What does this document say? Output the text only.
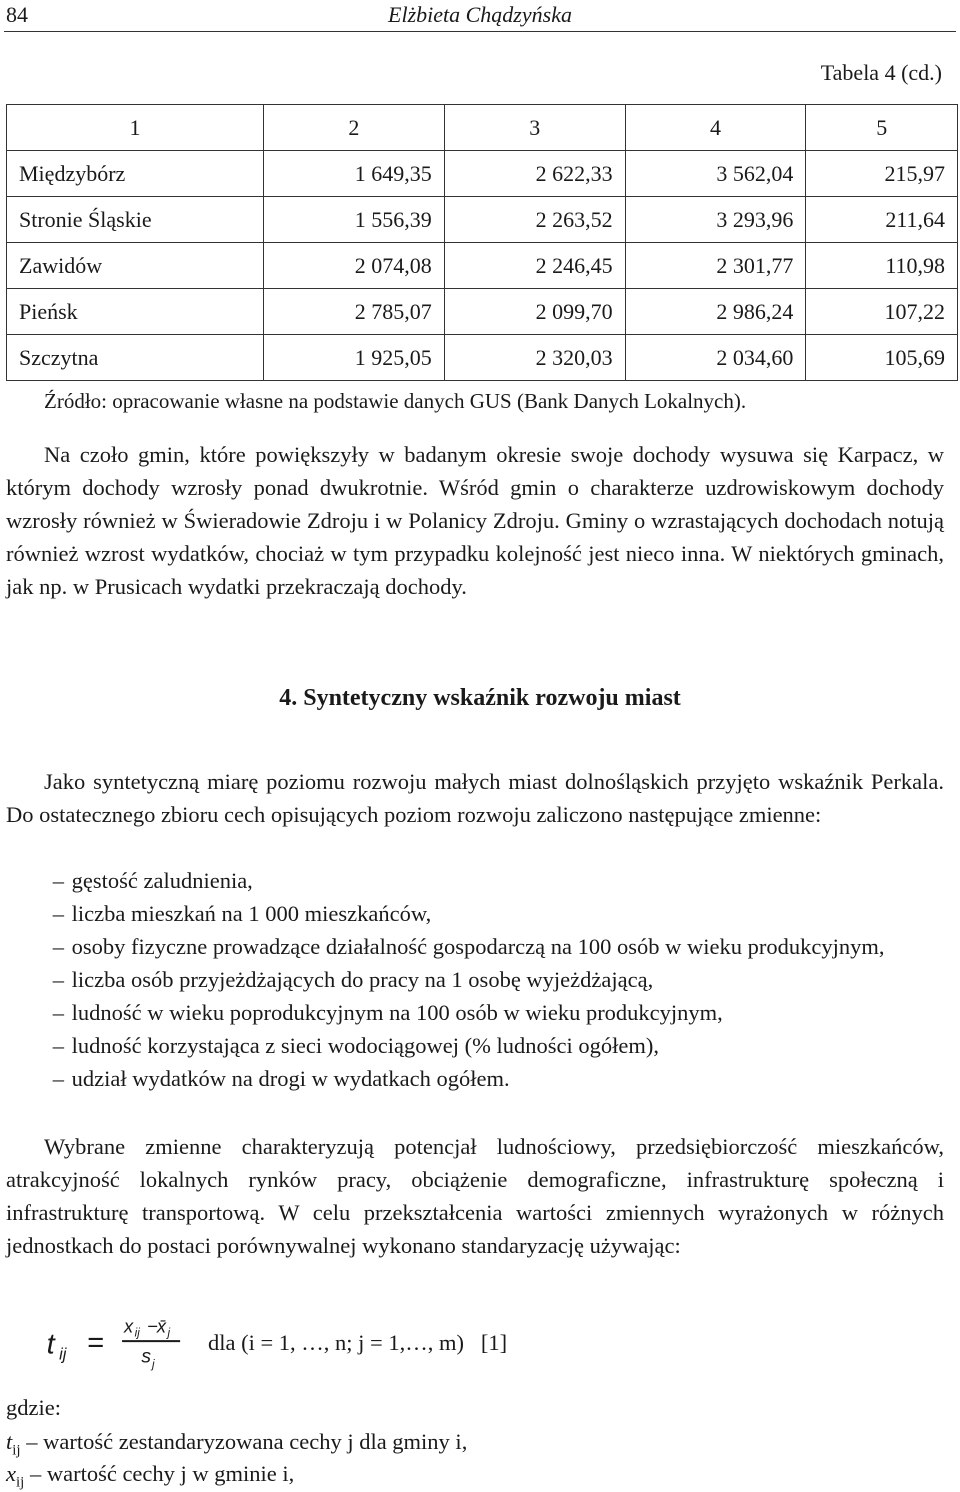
84	Elżbieta Chądzyńska
Tabela 4 (cd.)
1	2	3	4	5
Międzybórz	1 649,35	2 622,33	3 562,04	215,97
Stronie Śląskie	1 556,39	2 263,52	3 293,96	211,64
Zawidów	2 074,08	2 246,45	2 301,77	110,98
Pieńsk	2 785,07	2 099,70	2 986,24	107,22
Szczytna	1 925,05	2 320,03	2 034,60	105,69
Źródło: opracowanie własne na podstawie danych GUS (Bank Danych Lokalnych).

Na czoło gmin, które powiększyły w badanym okresie swoje dochody wysuwa się Karpacz, w którym dochody wzrosły ponad dwukrotnie. Wśród gmin o charakterze uzdrowiskowym dochody wzrosły również w Świeradowie Zdroju i w Polanicy Zdroju. Gminy o wzrastających dochodach notują również wzrost wydatków, chociaż w tym przypadku kolejność jest nieco inna. W niektórych gminach, jak np. w Prusicach wydatki przekraczają dochody.

4. Syntetyczny wskaźnik rozwoju miast

Jako syntetyczną miarę poziomu rozwoju małych miast dolnośląskich przyjęto wskaźnik Perkala. Do ostatecznego zbioru cech opisujących poziom rozwoju zaliczono następujące zmienne:

– gęstość zaludnienia,
– liczba mieszkań na 1 000 mieszkańców,
– osoby fizyczne prowadzące działalność gospodarczą na 100 osób w wieku produkcyjnym,
– liczba osób przyjeżdżających do pracy na 1 osobę wyjeżdżającą,
– ludność w wieku poprodukcyjnym na 100 osób w wieku produkcyjnym,
– ludność korzystająca z sieci wodociągowej (% ludności ogółem),
– udział wydatków na drogi w wydatkach ogółem.

Wybrane zmienne charakteryzują potencjał ludnościowy, przedsiębiorczość mieszkańców, atrakcyjność lokalnych rynków pracy, obciążenie demograficzne, infrastrukturę społeczną i infrastrukturę transportową. W celu przekształcenia wartości zmiennych wyrażonych w różnych jednostkach do postaci porównywalnej wykonano standaryzację używając:

t ij =
x ij −
x̄ j
s j
dla (i = 1, …, n; j = 1,…, m) [1]
gdzie:
$t_{ij}$ – wartość zestandaryzowana cechy j dla gminy i,
$x_{ij}$ – wartość cechy j w gminie i,
